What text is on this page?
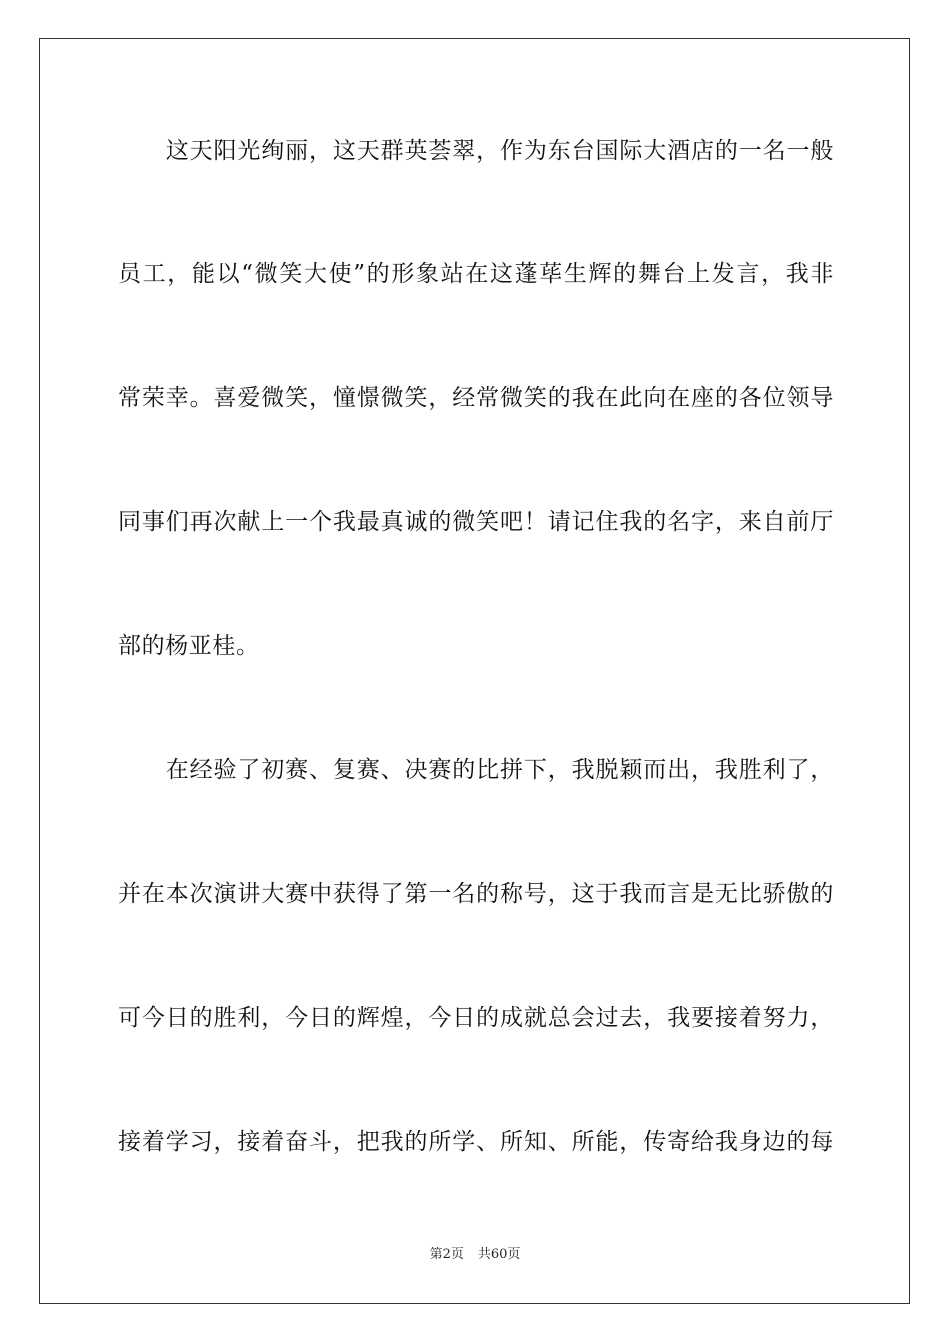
　　这天阳光绚丽，这天群英荟翠，作为东台国际大酒店的一名一般
员工，能以“微笑大使”的形象站在这蓬荜生辉的舞台上发言，我非
常荣幸。喜爱微笑，憧憬微笑，经常微笑的我在此向在座的各位领导
同事们再次献上一个我最真诚的微笑吧！请记住我的名字，来自前厅
部的杨亚桂。
　　在经验了初赛、复赛、决赛的比拼下，我脱颖而出，我胜利了，
并在本次演讲大赛中获得了第一名的称号，这于我而言是无比骄傲的
可今日的胜利，今日的辉煌，今日的成就总会过去，我要接着努力，
接着学习，接着奋斗，把我的所学、所知、所能，传寄给我身边的每
第2页 共60页
